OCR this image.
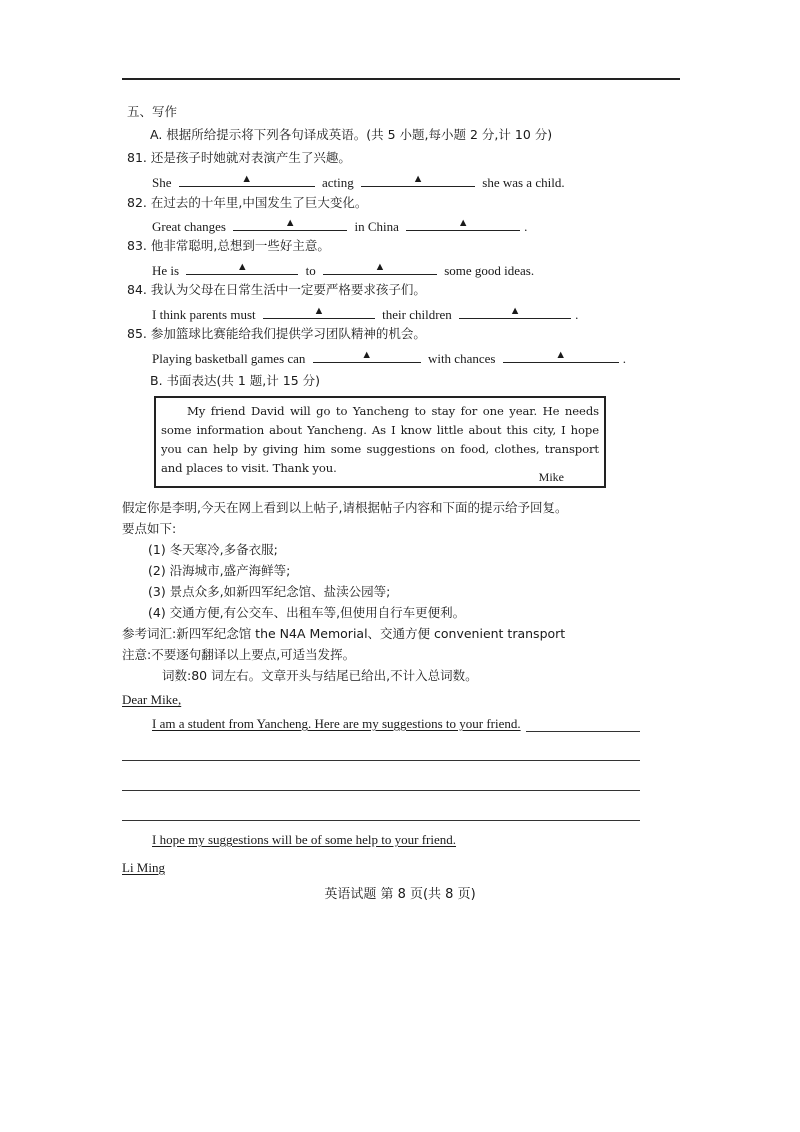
五、写作
A. 根据所给提示将下列各句译成英语。(共 5 小题,每小题 2 分,计 10 分)
81. 还是孩子时她就对表演产生了兴趣。
She	▲	acting	▲	she was a child.
82. 在过去的十年里,中国发生了巨大变化。
Great changes	▲	in China	▲	.
83. 他非常聪明,总想到一些好主意。
He is	▲	to	▲	some good ideas.
84. 我认为父母在日常生活中一定要严格要求孩子们。
I think parents must	▲	their children	▲	.
85. 参加篮球比赛能给我们提供学习团队精神的机会。
Playing basketball games can	▲	with chances	▲	.
B. 书面表达(共 1 题,计 15 分)
My friend David will go to Yancheng to stay for one year. He needs some information about Yancheng. As I know little about this city, I hope you can help by giving him some suggestions on food, clothes, transport and places to visit. Thank you.
Mike
假定你是李明,今天在网上看到以上帖子,请根据帖子内容和下面的提示给予回复。
要点如下:
(1) 冬天寒冷,多备衣服;
(2) 沿海城市,盛产海鲜等;
(3) 景点众多,如新四军纪念馆、盐渎公园等;
(4) 交通方便,有公交车、出租车等,但使用自行车更便利。
参考词汇:新四军纪念馆 the N4A Memorial、交通方便 convenient transport
注意:不要逐句翻译以上要点,可适当发挥。
词数:80 词左右。文章开头与结尾已给出,不计入总词数。
Dear Mike,
I am a student from Yancheng. Here are my suggestions to your friend.
I hope my suggestions will be of some help to your friend.
Li Ming
英语试题 第 8 页(共 8 页)
